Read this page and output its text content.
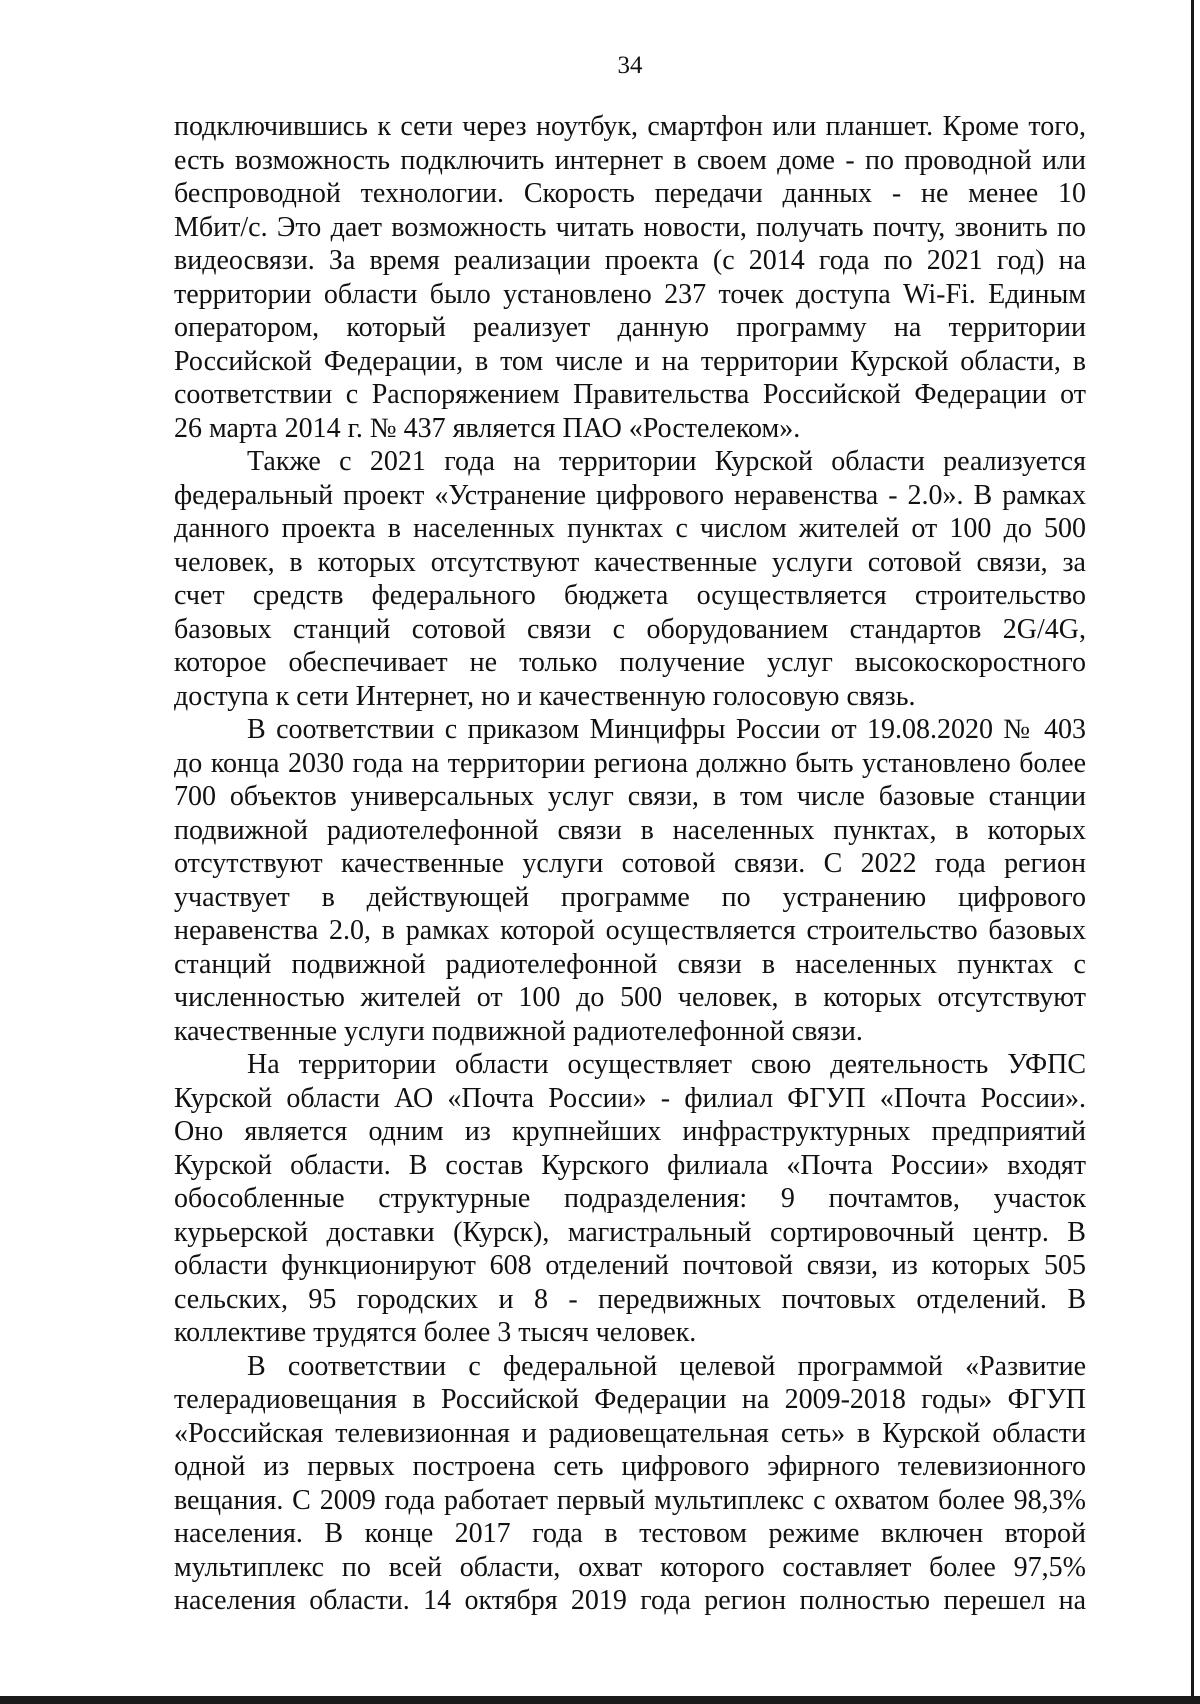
34
подключившись к сети через ноутбук, смартфон или планшет. Кроме того,
есть возможность подключить интернет в своем доме - по проводной или
беспроводной технологии. Скорость передачи данных - не менее 10
Мбит/с. Это дает возможность читать новости, получать почту, звонить по
видеосвязи. За время реализации проекта (с 2014 года по 2021 год) на
территории области было установлено 237 точек доступа Wi-Fi. Единым
оператором, который реализует данную программу на территории
Российской Федерации, в том числе и на территории Курской области, в
соответствии с Распоряжением Правительства Российской Федерации от
26 марта 2014 г. № 437 является ПАО «Ростелеком».
Также с 2021 года на территории Курской области реализуется
федеральный проект «Устранение цифрового неравенства - 2.0». В рамках
данного проекта в населенных пунктах с числом жителей от 100 до 500
человек, в которых отсутствуют качественные услуги сотовой связи, за
счет средств федерального бюджета осуществляется строительство
базовых станций сотовой связи с оборудованием стандартов 2G/4G,
которое обеспечивает не только получение услуг высокоскоростного
доступа к сети Интернет, но и качественную голосовую связь.
В соответствии с приказом Минцифры России от 19.08.2020 № 403
до конца 2030 года на территории региона должно быть установлено более
700 объектов универсальных услуг связи, в том числе базовые станции
подвижной радиотелефонной связи в населенных пунктах, в которых
отсутствуют качественные услуги сотовой связи. С 2022 года регион
участвует в действующей программе по устранению цифрового
неравенства 2.0, в рамках которой осуществляется строительство базовых
станций подвижной радиотелефонной связи в населенных пунктах с
численностью жителей от 100 до 500 человек, в которых отсутствуют
качественные услуги подвижной радиотелефонной связи.
На территории области осуществляет свою деятельность УФПС
Курской области АО «Почта России» - филиал ФГУП «Почта России».
Оно является одним из крупнейших инфраструктурных предприятий
Курской области. В состав Курского филиала «Почта России» входят
обособленные структурные подразделения: 9 почтамтов, участок
курьерской доставки (Курск), магистральный сортировочный центр. В
области функционируют 608 отделений почтовой связи, из которых 505
сельских, 95 городских и 8 - передвижных почтовых отделений. В
коллективе трудятся более 3 тысяч человек.
В соответствии с федеральной целевой программой «Развитие
телерадиовещания в Российской Федерации на 2009-2018 годы» ФГУП
«Российская телевизионная и радиовещательная сеть» в Курской области
одной из первых построена сеть цифрового эфирного телевизионного
вещания. С 2009 года работает первый мультиплекс с охватом более 98,3%
населения. В конце 2017 года в тестовом режиме включен второй
мультиплекс по всей области, охват которого составляет более 97,5%
населения области. 14 октября 2019 года регион полностью перешел на
